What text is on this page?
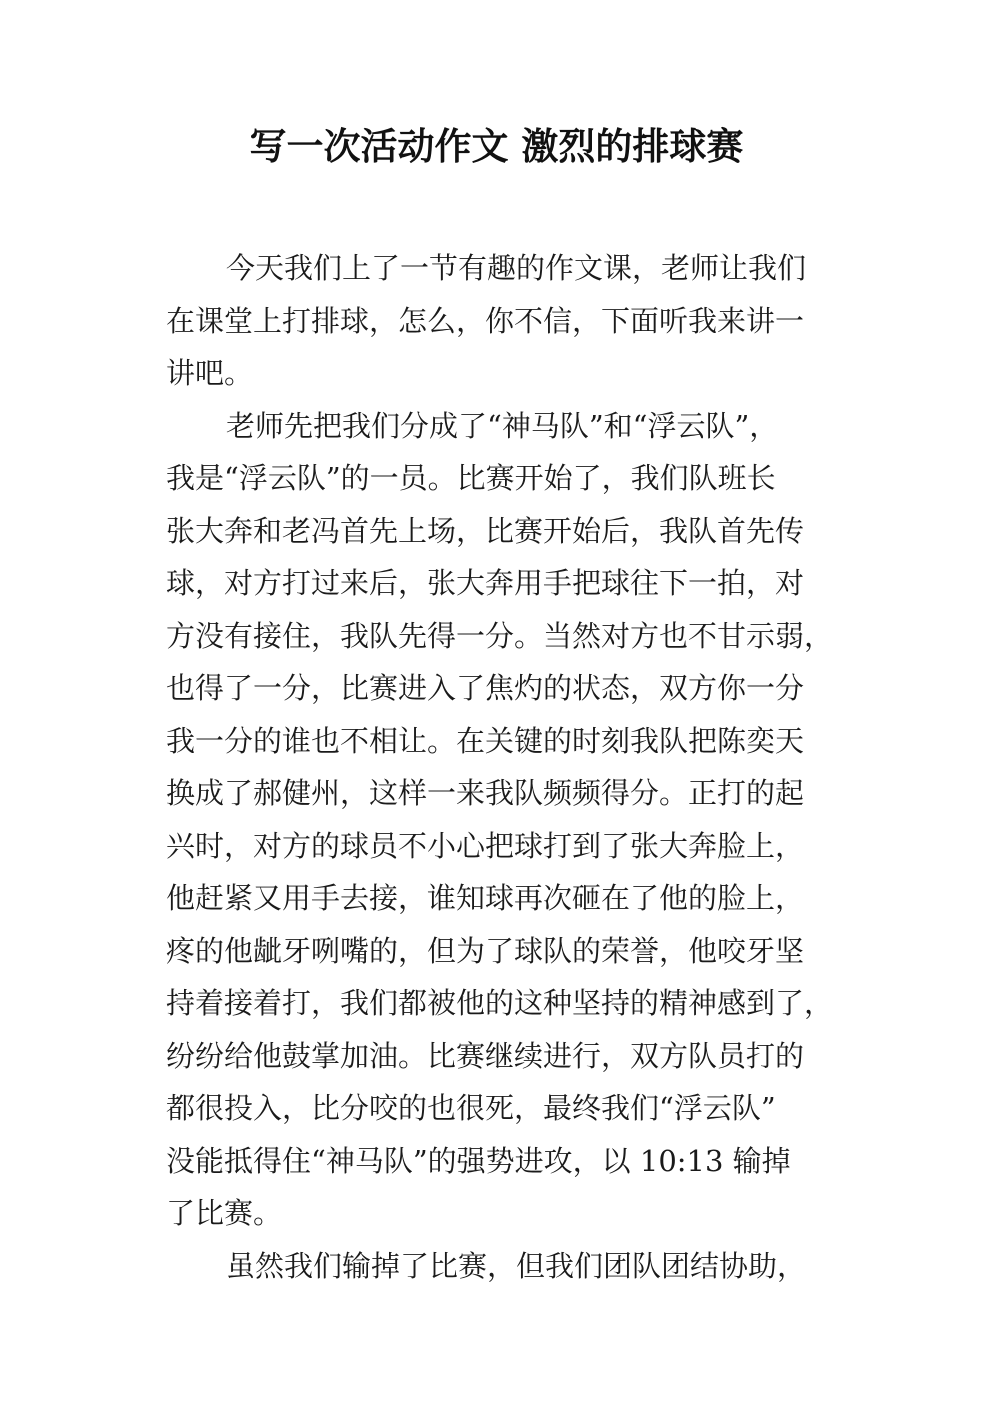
写一次活动作文 激烈的排球赛
今天我们上了一节有趣的作文课，老师让我们
在课堂上打排球，怎么，你不信，下面听我来讲一
讲吧。
老师先把我们分成了“神马队”和“浮云队”，
我是“浮云队”的一员。比赛开始了，我们队班长
张大奔和老冯首先上场，比赛开始后，我队首先传
球，对方打过来后，张大奔用手把球往下一拍，对
方没有接住，我队先得一分。当然对方也不甘示弱，
也得了一分，比赛进入了焦灼的状态，双方你一分
我一分的谁也不相让。在关键的时刻我队把陈奕天
换成了郝健州，这样一来我队频频得分。正打的起
兴时，对方的球员不小心把球打到了张大奔脸上，
他赶紧又用手去接，谁知球再次砸在了他的脸上，
疼的他龇牙咧嘴的，但为了球队的荣誉，他咬牙坚
持着接着打，我们都被他的这种坚持的精神感到了，
纷纷给他鼓掌加油。比赛继续进行，双方队员打的
都很投入，比分咬的也很死，最终我们“浮云队”
没能抵得住“神马队”的强势进攻，以 10:13 输掉
了比赛。
虽然我们输掉了比赛，但我们团队团结协助，
